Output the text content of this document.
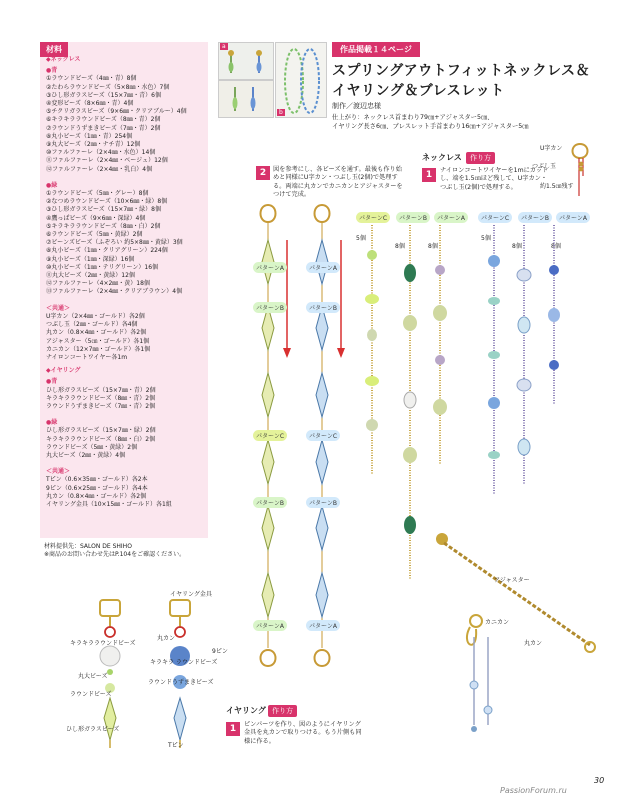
材料
◆ネックレス
●青
①ラウンドビーズ（4㎜・青）8個
②たわらラウンドビーズ（5×8㎜・水色）7個
③ひし形ガラスビーズ（15×7㎜・青）6個
④変形ビーズ（8×6㎜・青）4個
⑤チクリガラスビーズ（9×6㎜・クリアブルー）4個
⑥キラキララウンドビーズ（8㎜・青）2個
⑦ラウンドうずまきビーズ（7㎜・青）2個
⑧丸小ビーズ（1㎜・青）254個
⑨丸大ビーズ（2㎜・ナチ青）12個
⑩ファルファーレ（2×4㎜・水色）14個
⑪ファルファーレ（2×4㎜・ベージュ）12個
⑫ファルファーレ（2×4㎜・乳白）4個
●緑
①ラウンドビーズ（5㎜・グレー）8個
②なつめラウンドビーズ（10×6㎜・緑）8個
③ひし形ガラスビーズ（15×7㎜・緑）8個
④鷹っぱビーズ（9×6㎜・深緑）4個
⑤キラキララウンドビーズ（8㎜・白）2個
⑥ラウンドビーズ（5㎜・黄緑）2個
⑦ビーンズビーズ（ふぞろい 約5×8㎜・黄緑）3個
⑧丸小ビーズ（1㎜・クリアグリーン）224個
⑨丸小ビーズ（1㎜・深緑）16個
⑩丸小ビーズ（1㎜・テリグリーン）16個
⑪丸大ビーズ（2㎜・黄緑）12個
⑫ファルファーレ（4×2㎜・黄）18個
⑬ファルファーレ（2×4㎜・クリアブラウン）4個
＜共通＞
U字カン（2×4㎜・ゴールド）各2個
つぶし玉（2㎜・ゴールド）各4個
丸カン（0.8×4㎜・ゴールド）各2個
アジャスター（5㎝・ゴールド）各1個
カニカン（12×7㎜・ゴールド）各1個
ナイロンコートワイヤー各1m
◆イヤリング
●青
ひし形ガラスビーズ（15×7㎜・青）2個
キラキララウンドビーズ（8㎜・青）2個
ラウンドうずまきビーズ（7㎜・青）2個
●緑
ひし形ガラスビーズ（15×7㎜・緑）2個
キラキララウンドビーズ（8㎜・白）2個
ラウンドビーズ（5㎜・黄緑）2個
丸大ビーズ（2㎜・黄緑）4個
＜共通＞
Tピン（0.6×35㎜・ゴールド）各2本
9ピン（0.6×25㎜・ゴールド）各4本
丸カン（0.8×4㎜・ゴールド）各2個
イヤリング金具（10×15㎜・ゴールド）各1組
材料提供先：SALON DE SHIHO
※商品のお問い合わせ先はP.104をご確認ください。
a
b
作品掲載１４ページ
スプリングアウトフィットネックレス＆
イヤリング＆ブレスレット
制作／渡辺忠様
仕上がり：ネックレス首まわり79㎝+アジャスター5㎝、
イヤリング長さ6㎝、ブレスレット手首まわり16㎝+アジャスター5㎝
ネックレス	作り方
1	ナイロンコートワイヤーを1mにカットし、端を1.5㎝ほど残して、U字カン・つぶし玉(2個)で処理する。
U字カン
つぶし玉
約1.5㎝残す
2	図を参考にし、各ビーズを通す。最後も作り始めと同様にU字カン・つぶし玉(2個)で処理する。両端に丸カンでカニカンとアジャスターをつけて完成。
パターンA
パターンB
パターンC
パターンB
パターンA
パターンA
パターンB
パターンC
パターンB
パターンA
パターンC	パターンB	パターンA
5個
8個	8個
パターンC	パターンB	パターンA
5個
8個	8個
アジャスター
カニカン
丸カン
イヤリング金具
キラキララウンドビーズ
丸大ビーズ
ラウンドビーズ
ひし形ガラスビーズ
丸カン
9ピン
キラキラ ラウンドビーズ
ラウンドうずまきビーズ
Tピン
イヤリング 作り方
1	ピンパーツを作り、図のようにイヤリング金具を丸カンで取りつける。もう片側も同様に作る。
30
PassionForum.ru
